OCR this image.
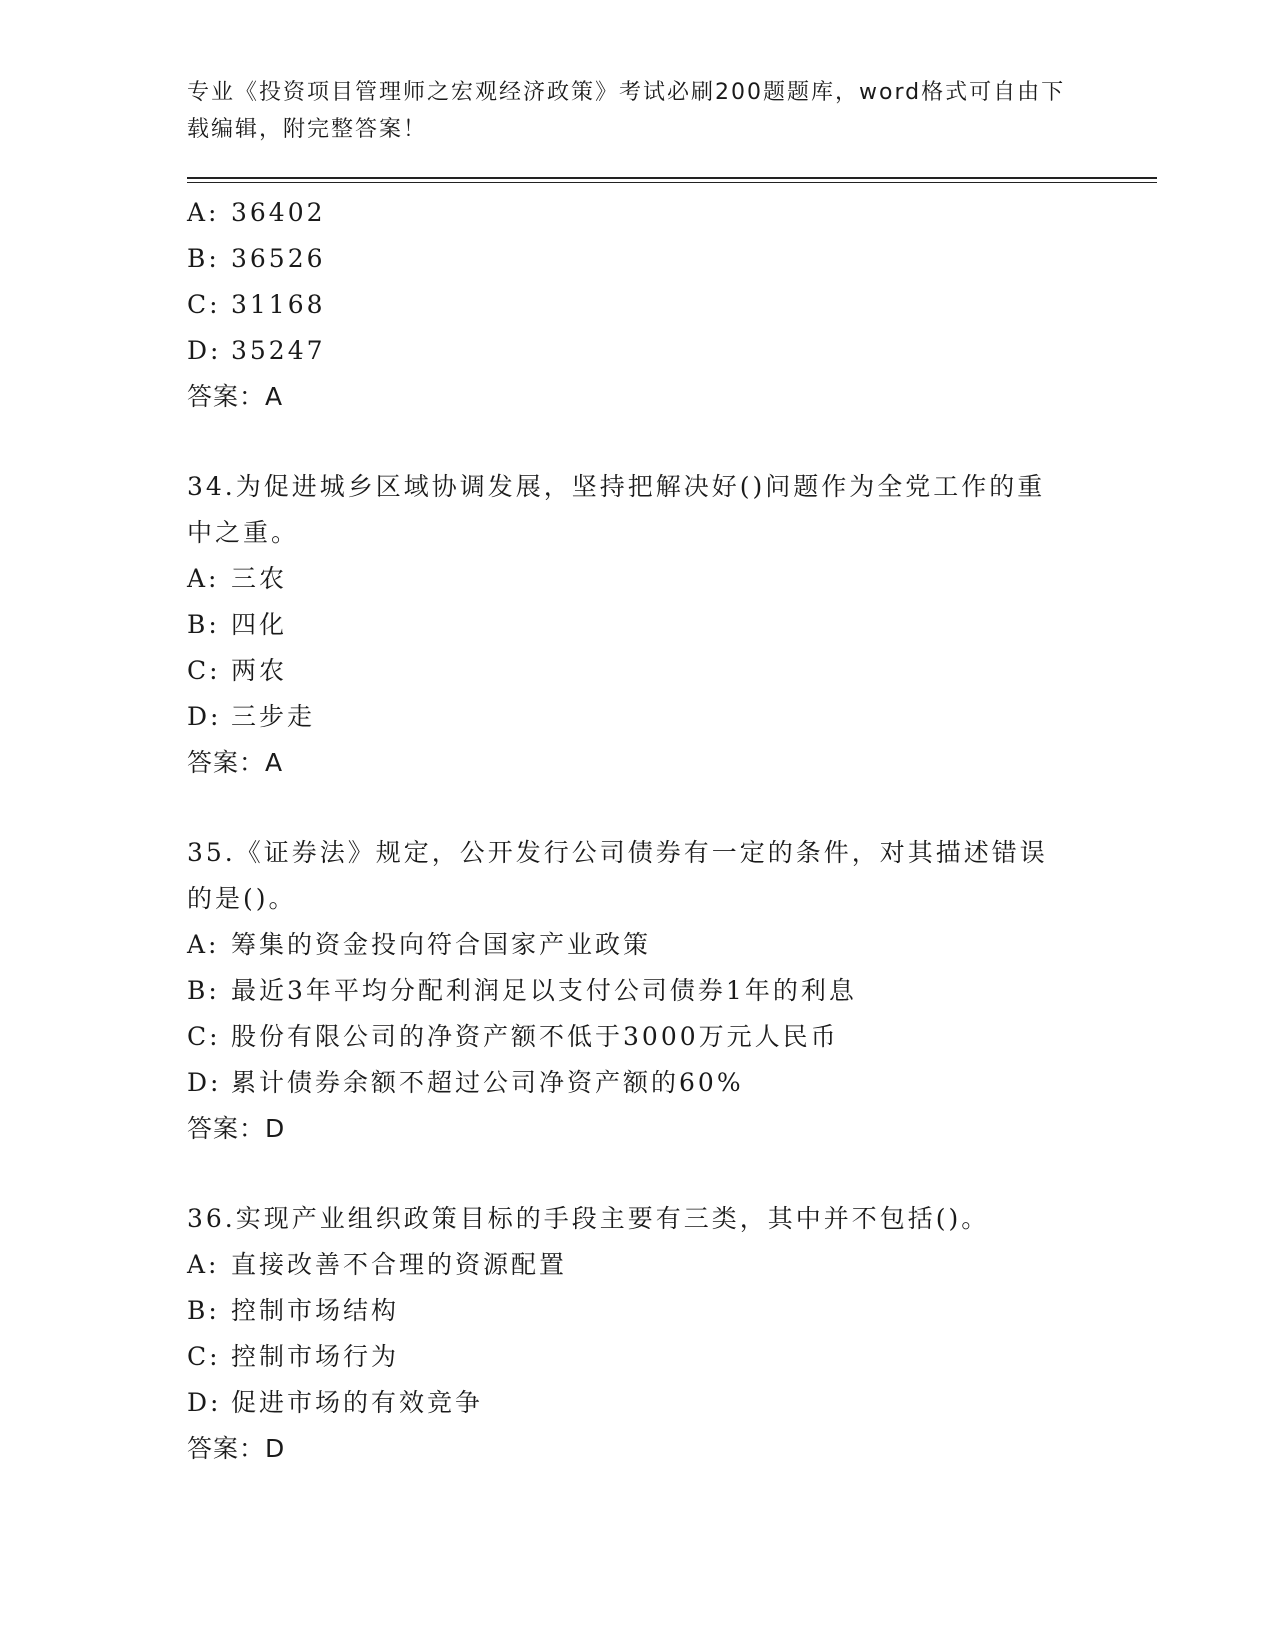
专业《投资项目管理师之宏观经济政策》考试必刷200题题库，word格式可自由下载编辑，附完整答案！
A: 36402
B: 36526
C: 31168
D: 35247
答案：A
34.为促进城乡区域协调发展，坚持把解决好()问题作为全党工作的重中之重。
A: 三农
B: 四化
C: 两农
D: 三步走
答案：A
35.《证券法》规定，公开发行公司债券有一定的条件，对其描述错误的是()。
A: 筹集的资金投向符合国家产业政策
B: 最近3年平均分配利润足以支付公司债券1年的利息
C: 股份有限公司的净资产额不低于3000万元人民币
D: 累计债券余额不超过公司净资产额的60%
答案：D
36.实现产业组织政策目标的手段主要有三类，其中并不包括()。
A: 直接改善不合理的资源配置
B: 控制市场结构
C: 控制市场行为
D: 促进市场的有效竞争
答案：D
